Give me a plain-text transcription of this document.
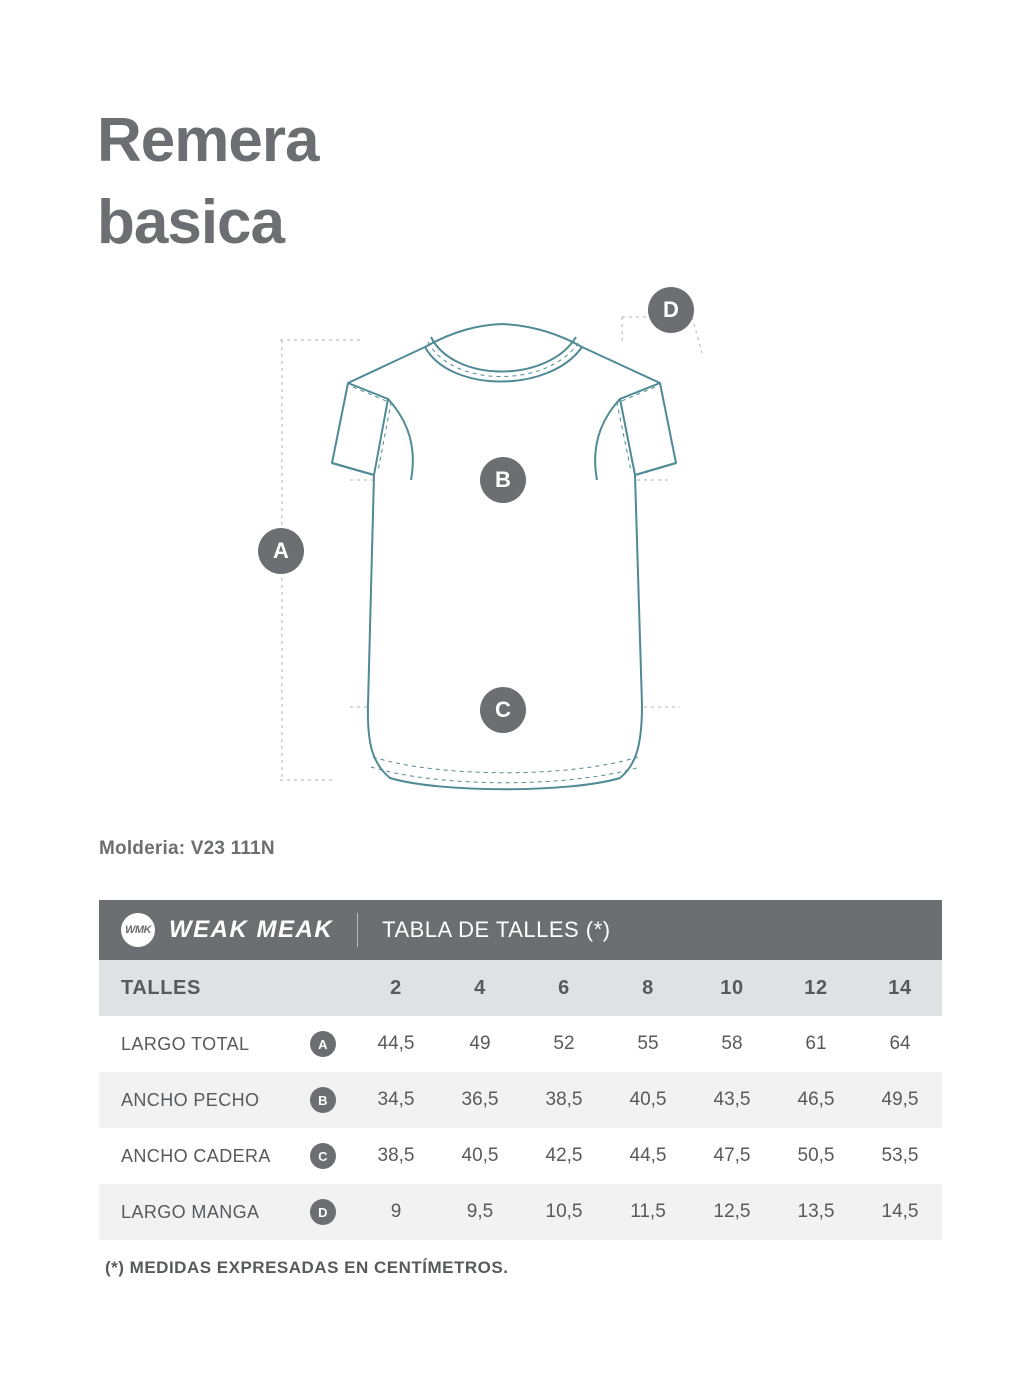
Remera
basica
A
B
C
D
Molderia: V23 111N
WMK WEAK MEAK TABLA DE TALLES (*)							

TALLES	2	4	6	8	10	12	14

LARGO TOTAL A	44,5	49	52	55	58	61	64

ANCHO PECHO B	34,5	36,5	38,5	40,5	43,5	46,5	49,5

ANCHO CADERA C	38,5	40,5	42,5	44,5	47,5	50,5	53,5

LARGO MANGA D	9	9,5	10,5	11,5	12,5	13,5	14,5
(*) MEDIDAS EXPRESADAS EN CENTÍMETROS.
